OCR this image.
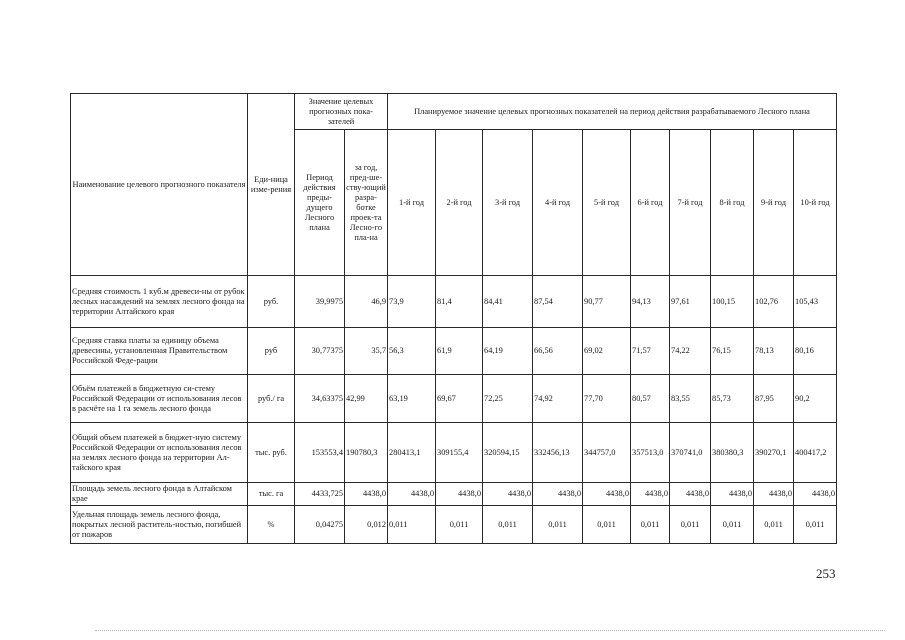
Наименование целевого прогнозного показателя	Еди-ница изме-рения	Значение целевых прогнозных пока-зателей		Планируемое значение целевых прогнозных показателей на период действия разрабатываемого Лесного плана									
		Период действия преды-дущего Лесного плана	за год, пред-ше-ству-ющий разра-ботке проек-та Лесно-го пла-на	1-й год	2-й год	3-й год	4-й год	5-й год	6-й год	7-й год	8-й год	9-й год	10-й год
Средняя стоимость 1 куб.м древеси-ны от рубок лесных насаждений на землях лесного фонда на территории Алтайского края	руб.	39,9975	46,9	73,9	81,4	84,41	87,54	90,77	94,13	97,61	100,15	102,76	105,43
Средняя ставка платы за единицу объема древесины, установленная Правительством Российской Феде-рации	руб	30,77375	35,7	56,3	61,9	64,19	66,56	69,02	71,57	74,22	76,15	78,13	80,16
Объём платежей в бюджетную си-стему Российской Федерации от использования лесов в расчёте на 1 га земель лесного фонда	руб./ га	34,63375	42,99	63,19	69,67	72,25	74,92	77,70	80,57	83,55	85,73	87,95	90,2
Общий объем платежей в бюджет-ную систему Российской Федерации от использования лесов на землях лесного фонда на территории Ал-тайского края	тыс. руб.	153553,4	190780,3	280413,1	309155,4	320594,15	332456,13	344757,0	357513,0	370741,0	380380,3	390270,1	400417,2
Площадь земель лесного фонда в Алтайском крае	тыс. га	4433,725	4438,0	4438,0	4438,0	4438,0	4438,0	4438,0	4438,0	4438,0	4438,0	4438,0	4438,0
Удельная площадь земель лесного фонда, покрытых лесной раститель-ностью, погибшей от пожаров	%	0,04275	0,012	0,011	0,011	0,011	0,011	0,011	0,011	0,011	0,011	0,011	0,011
253
